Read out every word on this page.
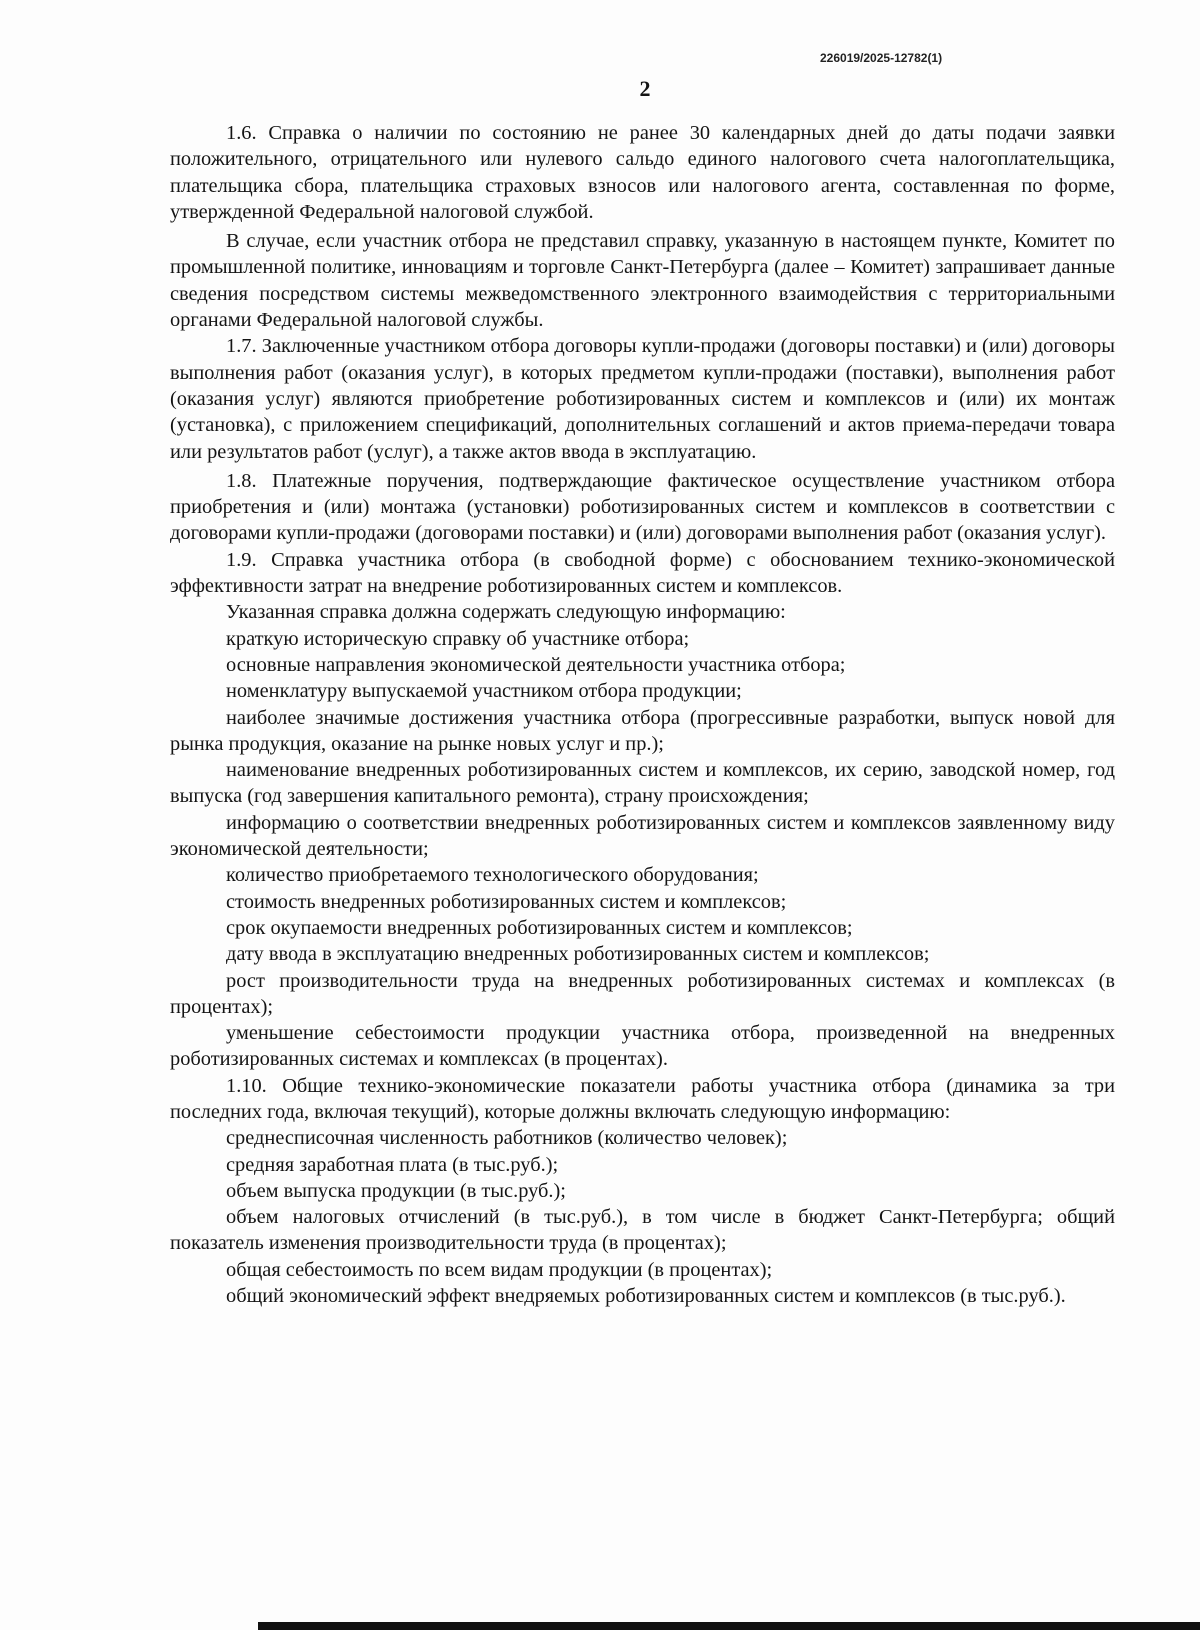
226019/2025-12782(1)
2

1.6. Справка о наличии по состоянию не ранее 30 календарных дней до даты подачи заявки положительного, отрицательного или нулевого сальдо единого налогового счета налогоплательщика, плательщика сбора, плательщика страховых взносов или налогового агента, составленная по форме, утвержденной Федеральной налоговой службой.

В случае, если участник отбора не представил справку, указанную в настоящем пункте, Комитет по промышленной политике, инновациям и торговле Санкт-Петербурга (далее – Комитет) запрашивает данные сведения посредством системы межведомственного электронного взаимодействия с территориальными органами Федеральной налоговой службы.

1.7. Заключенные участником отбора договоры купли-продажи (договоры поставки) и (или) договоры выполнения работ (оказания услуг), в которых предметом купли-продажи (поставки), выполнения работ (оказания услуг) являются приобретение роботизированных систем и комплексов и (или) их монтаж (установка), с приложением спецификаций, дополнительных соглашений и актов приема-передачи товара или результатов работ (услуг), а также актов ввода в эксплуатацию.

1.8. Платежные поручения, подтверждающие фактическое осуществление участником отбора приобретения и (или) монтажа (установки) роботизированных систем и комплексов в соответствии с договорами купли-продажи (договорами поставки) и (или) договорами выполнения работ (оказания услуг).

1.9. Справка участника отбора (в свободной форме) с обоснованием технико-экономической эффективности затрат на внедрение роботизированных систем и комплексов.

Указанная справка должна содержать следующую информацию:

краткую историческую справку об участнике отбора;

основные направления экономической деятельности участника отбора;

номенклатуру выпускаемой участником отбора продукции;

наиболее значимые достижения участника отбора (прогрессивные разработки, выпуск новой для рынка продукция, оказание на рынке новых услуг и пр.);

наименование внедренных роботизированных систем и комплексов, их серию, заводской номер, год выпуска (год завершения капитального ремонта), страну происхождения;

информацию о соответствии внедренных роботизированных систем и комплексов заявленному виду экономической деятельности;

количество приобретаемого технологического оборудования;

стоимость внедренных роботизированных систем и комплексов;

срок окупаемости внедренных роботизированных систем и комплексов;

дату ввода в эксплуатацию внедренных роботизированных систем и комплексов;

рост производительности труда на внедренных роботизированных системах и комплексах (в процентах);

уменьшение себестоимости продукции участника отбора, произведенной на внедренных роботизированных системах и комплексах (в процентах).

1.10. Общие технико-экономические показатели работы участника отбора (динамика за три последних года, включая текущий), которые должны включать следующую информацию:

среднесписочная численность работников (количество человек);

средняя заработная плата (в тыс.руб.);

объем выпуска продукции (в тыс.руб.);

объем налоговых отчислений (в тыс.руб.), в том числе в бюджет Санкт-Петербурга; общий показатель изменения производительности труда (в процентах);

общая себестоимость по всем видам продукции (в процентах);

общий экономический эффект внедряемых роботизированных систем и комплексов (в тыс.руб.).
